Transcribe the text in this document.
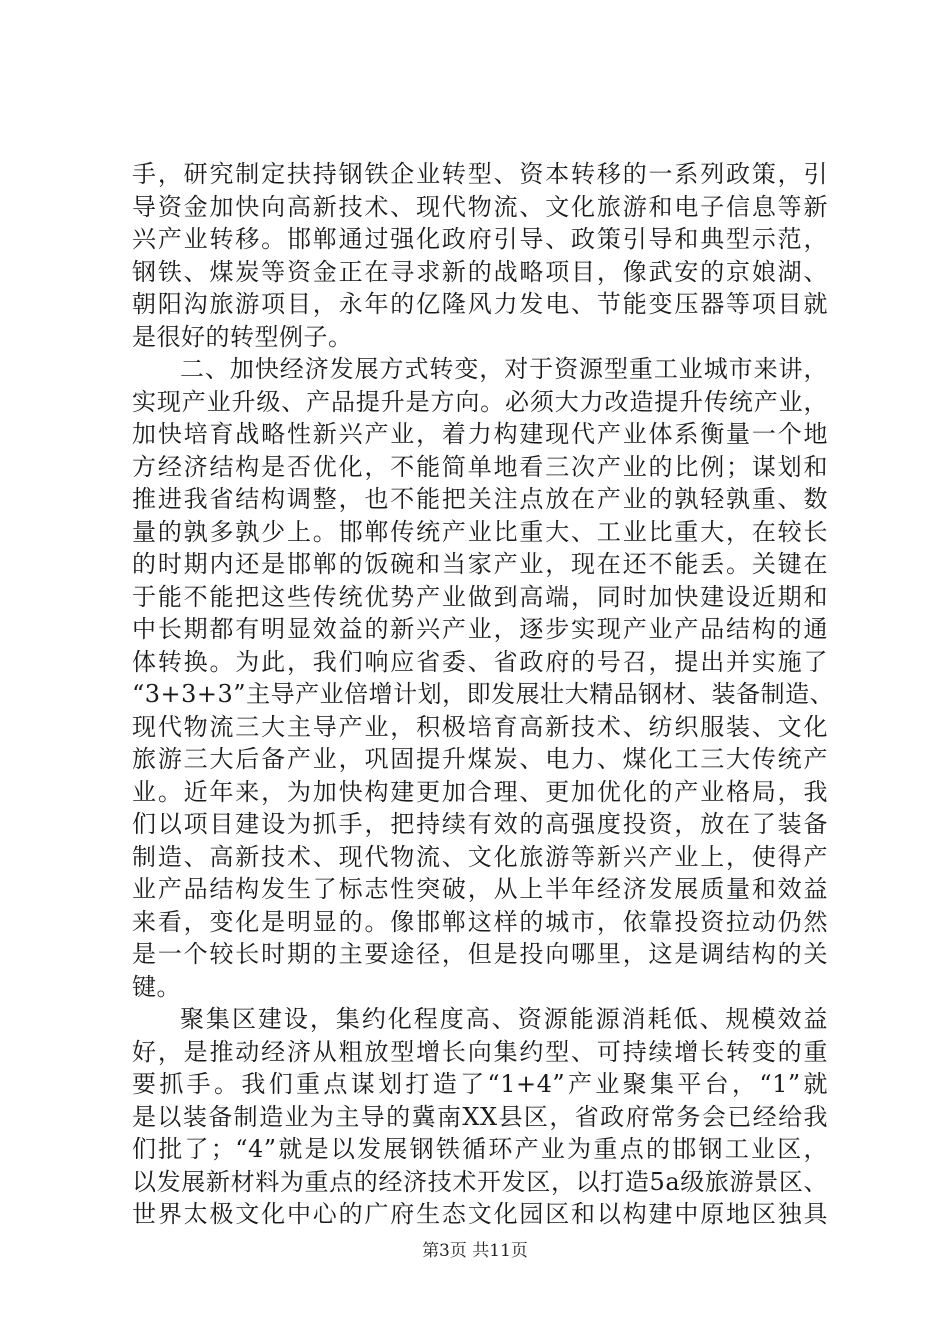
手，研究制定扶持钢铁企业转型、资本转移的一系列政策，引
导资金加快向高新技术、现代物流、文化旅游和电子信息等新
兴产业转移。邯郸通过强化政府引导、政策引导和典型示范，
钢铁、煤炭等资金正在寻求新的战略项目，像武安的京娘湖、
朝阳沟旅游项目，永年的亿隆风力发电、节能变压器等项目就
是很好的转型例子。
二、加快经济发展方式转变，对于资源型重工业城市来讲，
实现产业升级、产品提升是方向。必须大力改造提升传统产业，
加快培育战略性新兴产业，着力构建现代产业体系衡量一个地
方经济结构是否优化，不能简单地看三次产业的比例；谋划和
推进我省结构调整，也不能把关注点放在产业的孰轻孰重、数
量的孰多孰少上。邯郸传统产业比重大、工业比重大，在较长
的时期内还是邯郸的饭碗和当家产业，现在还不能丢。关键在
于能不能把这些传统优势产业做到高端，同时加快建设近期和
中长期都有明显效益的新兴产业，逐步实现产业产品结构的通
体转换。为此，我们响应省委、省政府的号召，提出并实施了
“3+3+3”主导产业倍增计划，即发展壮大精品钢材、装备制造、
现代物流三大主导产业，积极培育高新技术、纺织服装、文化
旅游三大后备产业，巩固提升煤炭、电力、煤化工三大传统产
业。近年来，为加快构建更加合理、更加优化的产业格局，我
们以项目建设为抓手，把持续有效的高强度投资，放在了装备
制造、高新技术、现代物流、文化旅游等新兴产业上，使得产
业产品结构发生了标志性突破，从上半年经济发展质量和效益
来看，变化是明显的。像邯郸这样的城市，依靠投资拉动仍然
是一个较长时期的主要途径，但是投向哪里，这是调结构的关
键。
聚集区建设，集约化程度高、资源能源消耗低、规模效益
好，是推动经济从粗放型增长向集约型、可持续增长转变的重
要抓手。我们重点谋划打造了“1+4”产业聚集平台，“1”就
是以装备制造业为主导的冀南XX县区，省政府常务会已经给我
们批了；“4”就是以发展钢铁循环产业为重点的邯钢工业区，
以发展新材料为重点的经济技术开发区，以打造5a级旅游景区、
世界太极文化中心的广府生态文化园区和以构建中原地区独具
第3页 共11页
